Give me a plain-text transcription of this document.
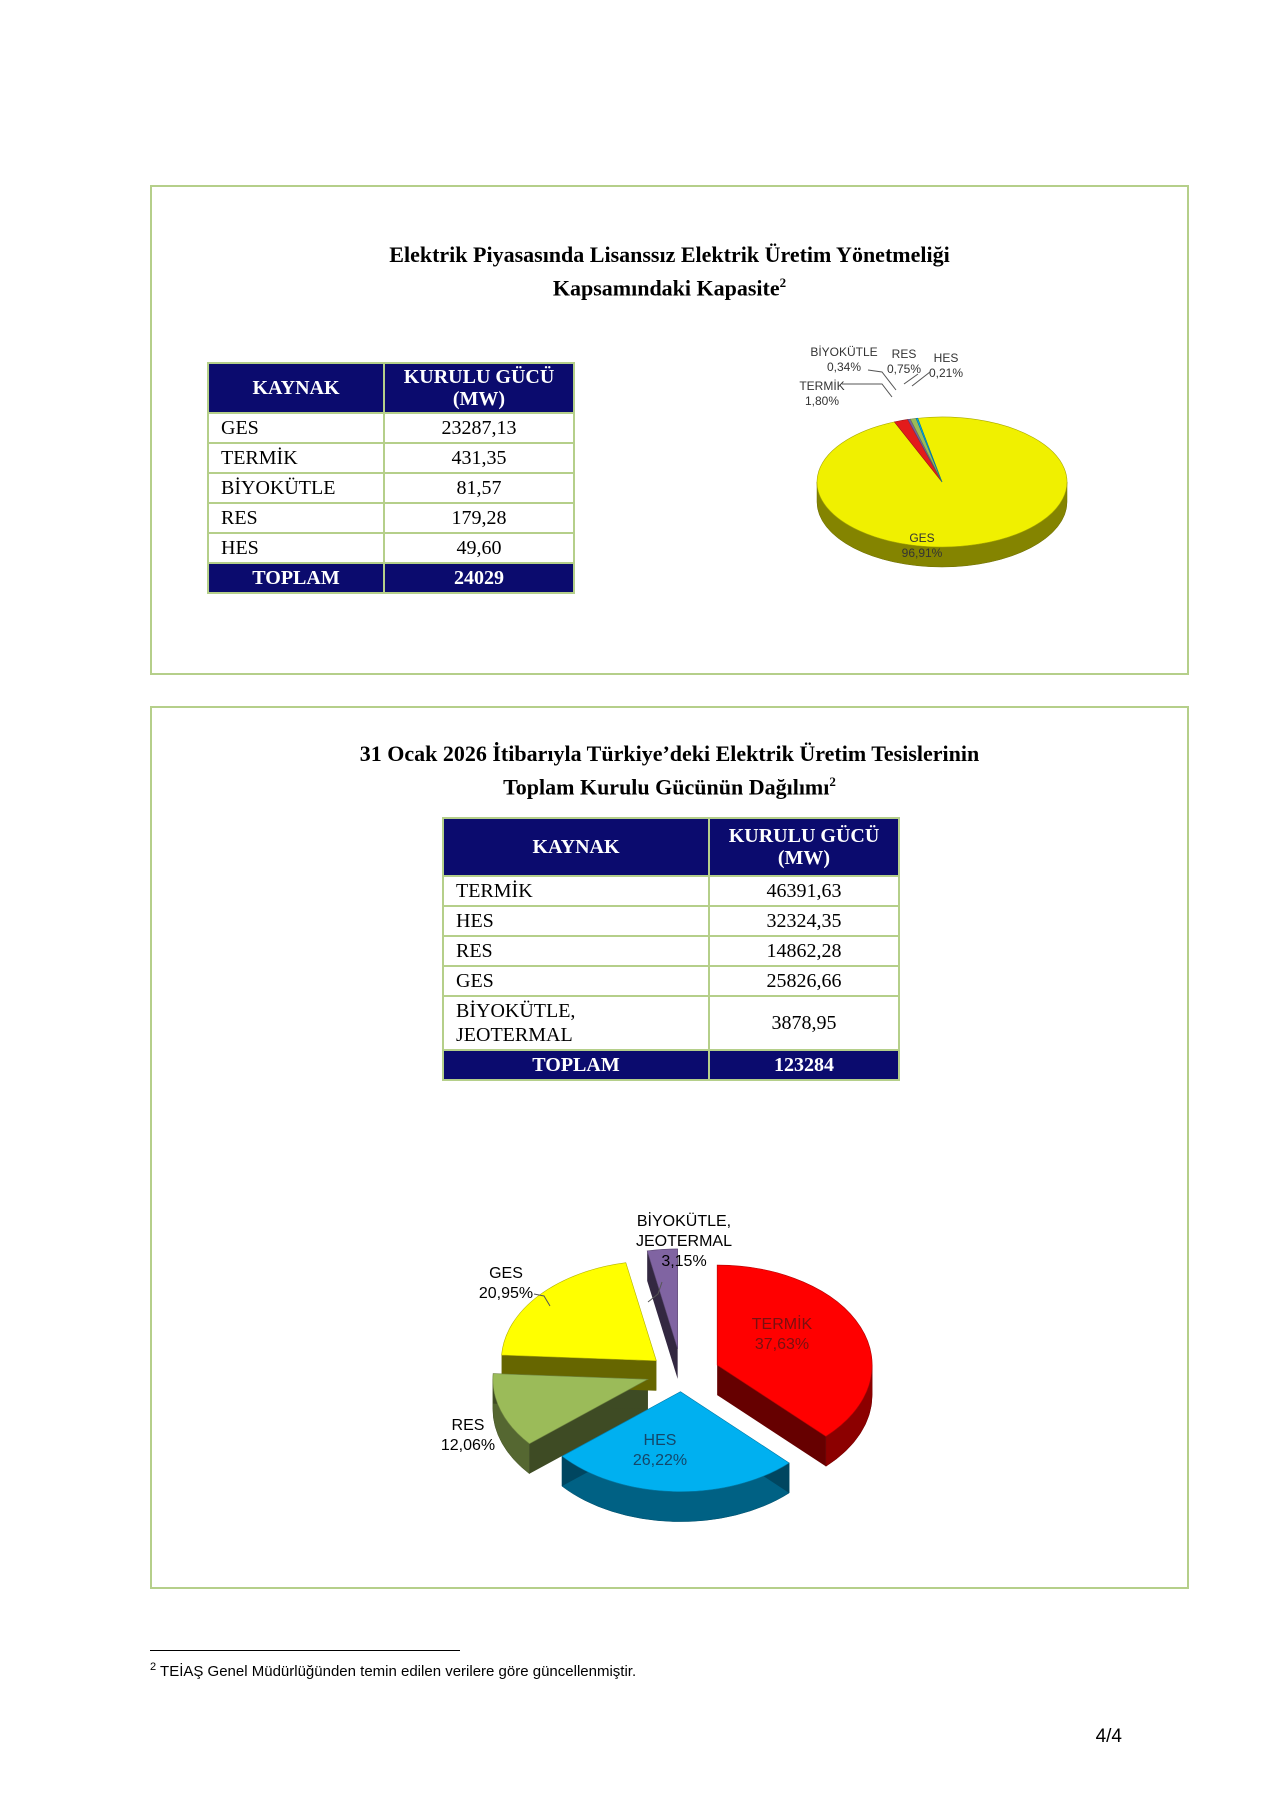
Elektrik Piyasasında Lisanssız Elektrik Üretim Yönetmeliği
Kapsamındaki Kapasite$^2$
KAYNAK	KURULU GÜCÜ (MW)
GES	23287,13
TERMİK	431,35
BİYOKÜTLE	81,57
RES	179,28
HES	49,60
TOPLAM	24029
GES 96,91%
TERMİK 1,80%
BİYOKÜTLE 0,34%
RES 0,75%
HES 0,21%
31 Ocak 2026 İtibarıyla Türkiye’deki Elektrik Üretim Tesislerinin
Toplam Kurulu Gücünün Dağılımı$^2$
KAYNAK	KURULU GÜCÜ (MW)
TERMİK	46391,63
HES	32324,35
RES	14862,28
GES	25826,66
BİYOKÜTLE, JEOTERMAL	3878,95
TOPLAM	123284
TERMİK 37,63%
HES 26,22%
RES 12,06%
GES 20,95%
BİYOKÜTLE, JEOTERMAL 3,15%
$^2$ TEİAŞ Genel Müdürlüğünden temin edilen verilere göre güncellenmiştir.
4/4
